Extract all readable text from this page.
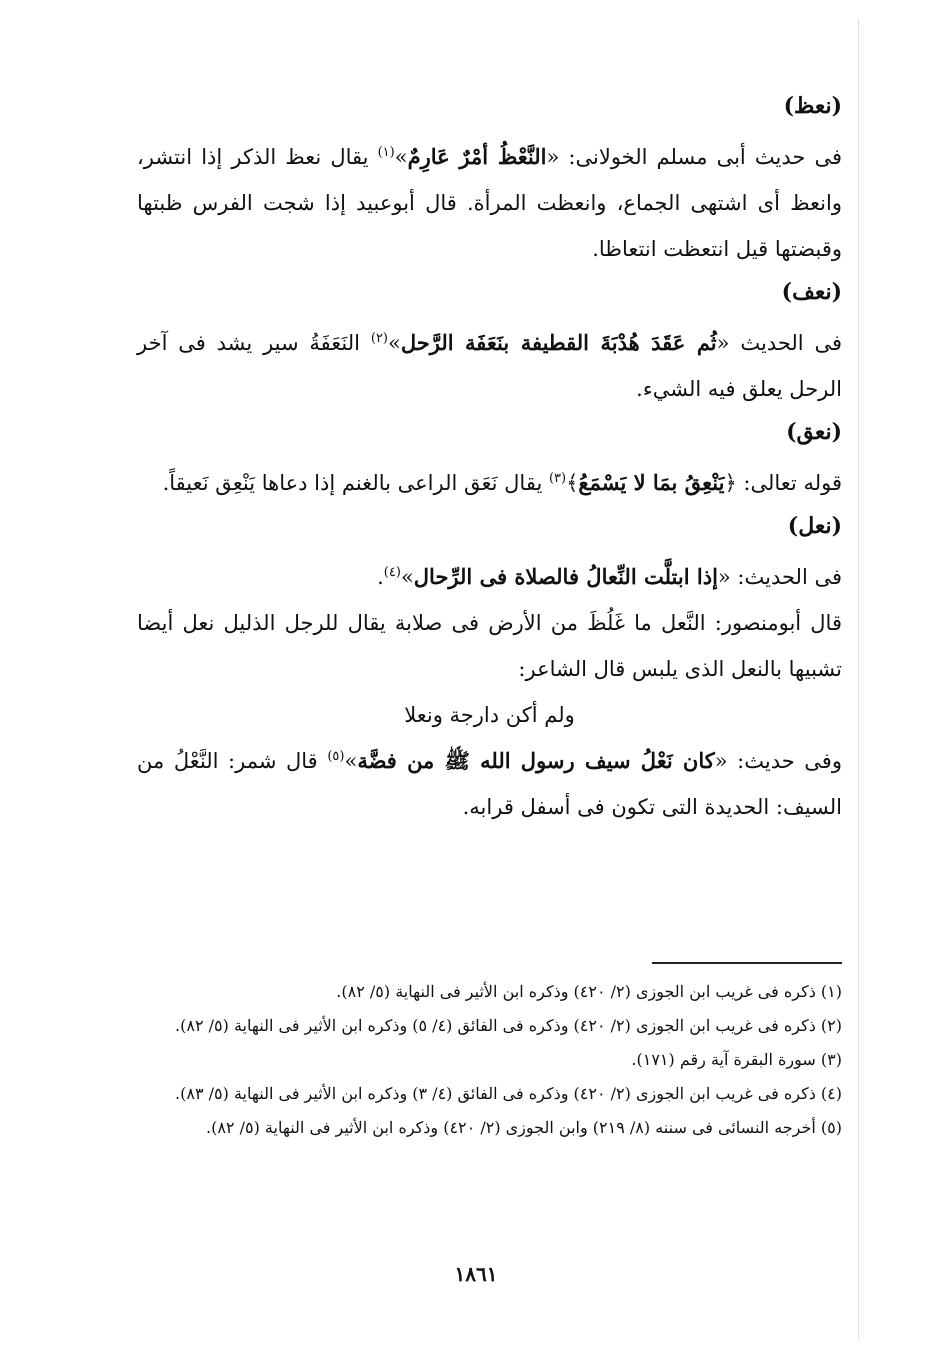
(نعظ)

فى حديث أبى مسلم الخولانى: «النَّعْظُ أمْرٌ عَارِمٌ»$^{(١)}$ يقال نعظ الذكر إذا انتشر، وانعظ أى اشتهى الجماع، وانعظت المرأة. قال أبوعبيد إذا شجت الفرس ظبتها وقبضتها قيل انتعظت انتعاظا.

(نعف)

فى الحديث «ثُم عَقَدَ هُدْبَةَ القطيفة بنَعَفَة الرَّحل»$^{(٢)}$ النَعَفَةُ سير يشد فى آخر الرحل يعلق فيه الشيء.

(نعق)

قوله تعالى: ﴿يَنْعِقُ بمَا لا يَسْمَعُ﴾$^{(٣)}$ يقال نَعَق الراعى بالغنم إذا دعاها يَنْعِق نَعيقاً.

(نعل)

فى الحديث: «إذا ابتلَّت النِّعالُ فالصلاة فى الرِّحال»$^{(٤)}$.

قال أبومنصور: النَّعل ما غَلُظَ من الأرض فى صلابة يقال للرجل الذليل نعل أيضا تشبيها بالنعل الذى يلبس قال الشاعر:

ولم أكن دارجة ونعلا

وفى حديث: «كان نَعْلُ سيف رسول الله ﷺ من فضَّة»$^{(٥)}$ قال شمر: النَّعْلُ من السيف: الحديدة التى تكون فى أسفل قرابه.

(١) ذكره فى غريب ابن الجوزى (٢/ ٤٢٠) وذكره ابن الأثير فى النهاية (٥/ ٨٢).

(٢) ذكره فى غريب ابن الجوزى (٢/ ٤٢٠) وذكره فى الفائق (٤/ ٥) وذكره ابن الأثير فى النهاية (٥/ ٨٢).

(٣) سورة البقرة آية رقم (١٧١).

(٤) ذكره فى غريب ابن الجوزى (٢/ ٤٢٠) وذكره فى الفائق (٤/ ٣) وذكره ابن الأثير فى النهاية (٥/ ٨٣).

(٥) أخرجه النسائى فى سننه (٨/ ٢١٩) وابن الجوزى (٢/ ٤٢٠) وذكره ابن الأثير فى النهاية (٥/ ٨٢).

١٨٦١
